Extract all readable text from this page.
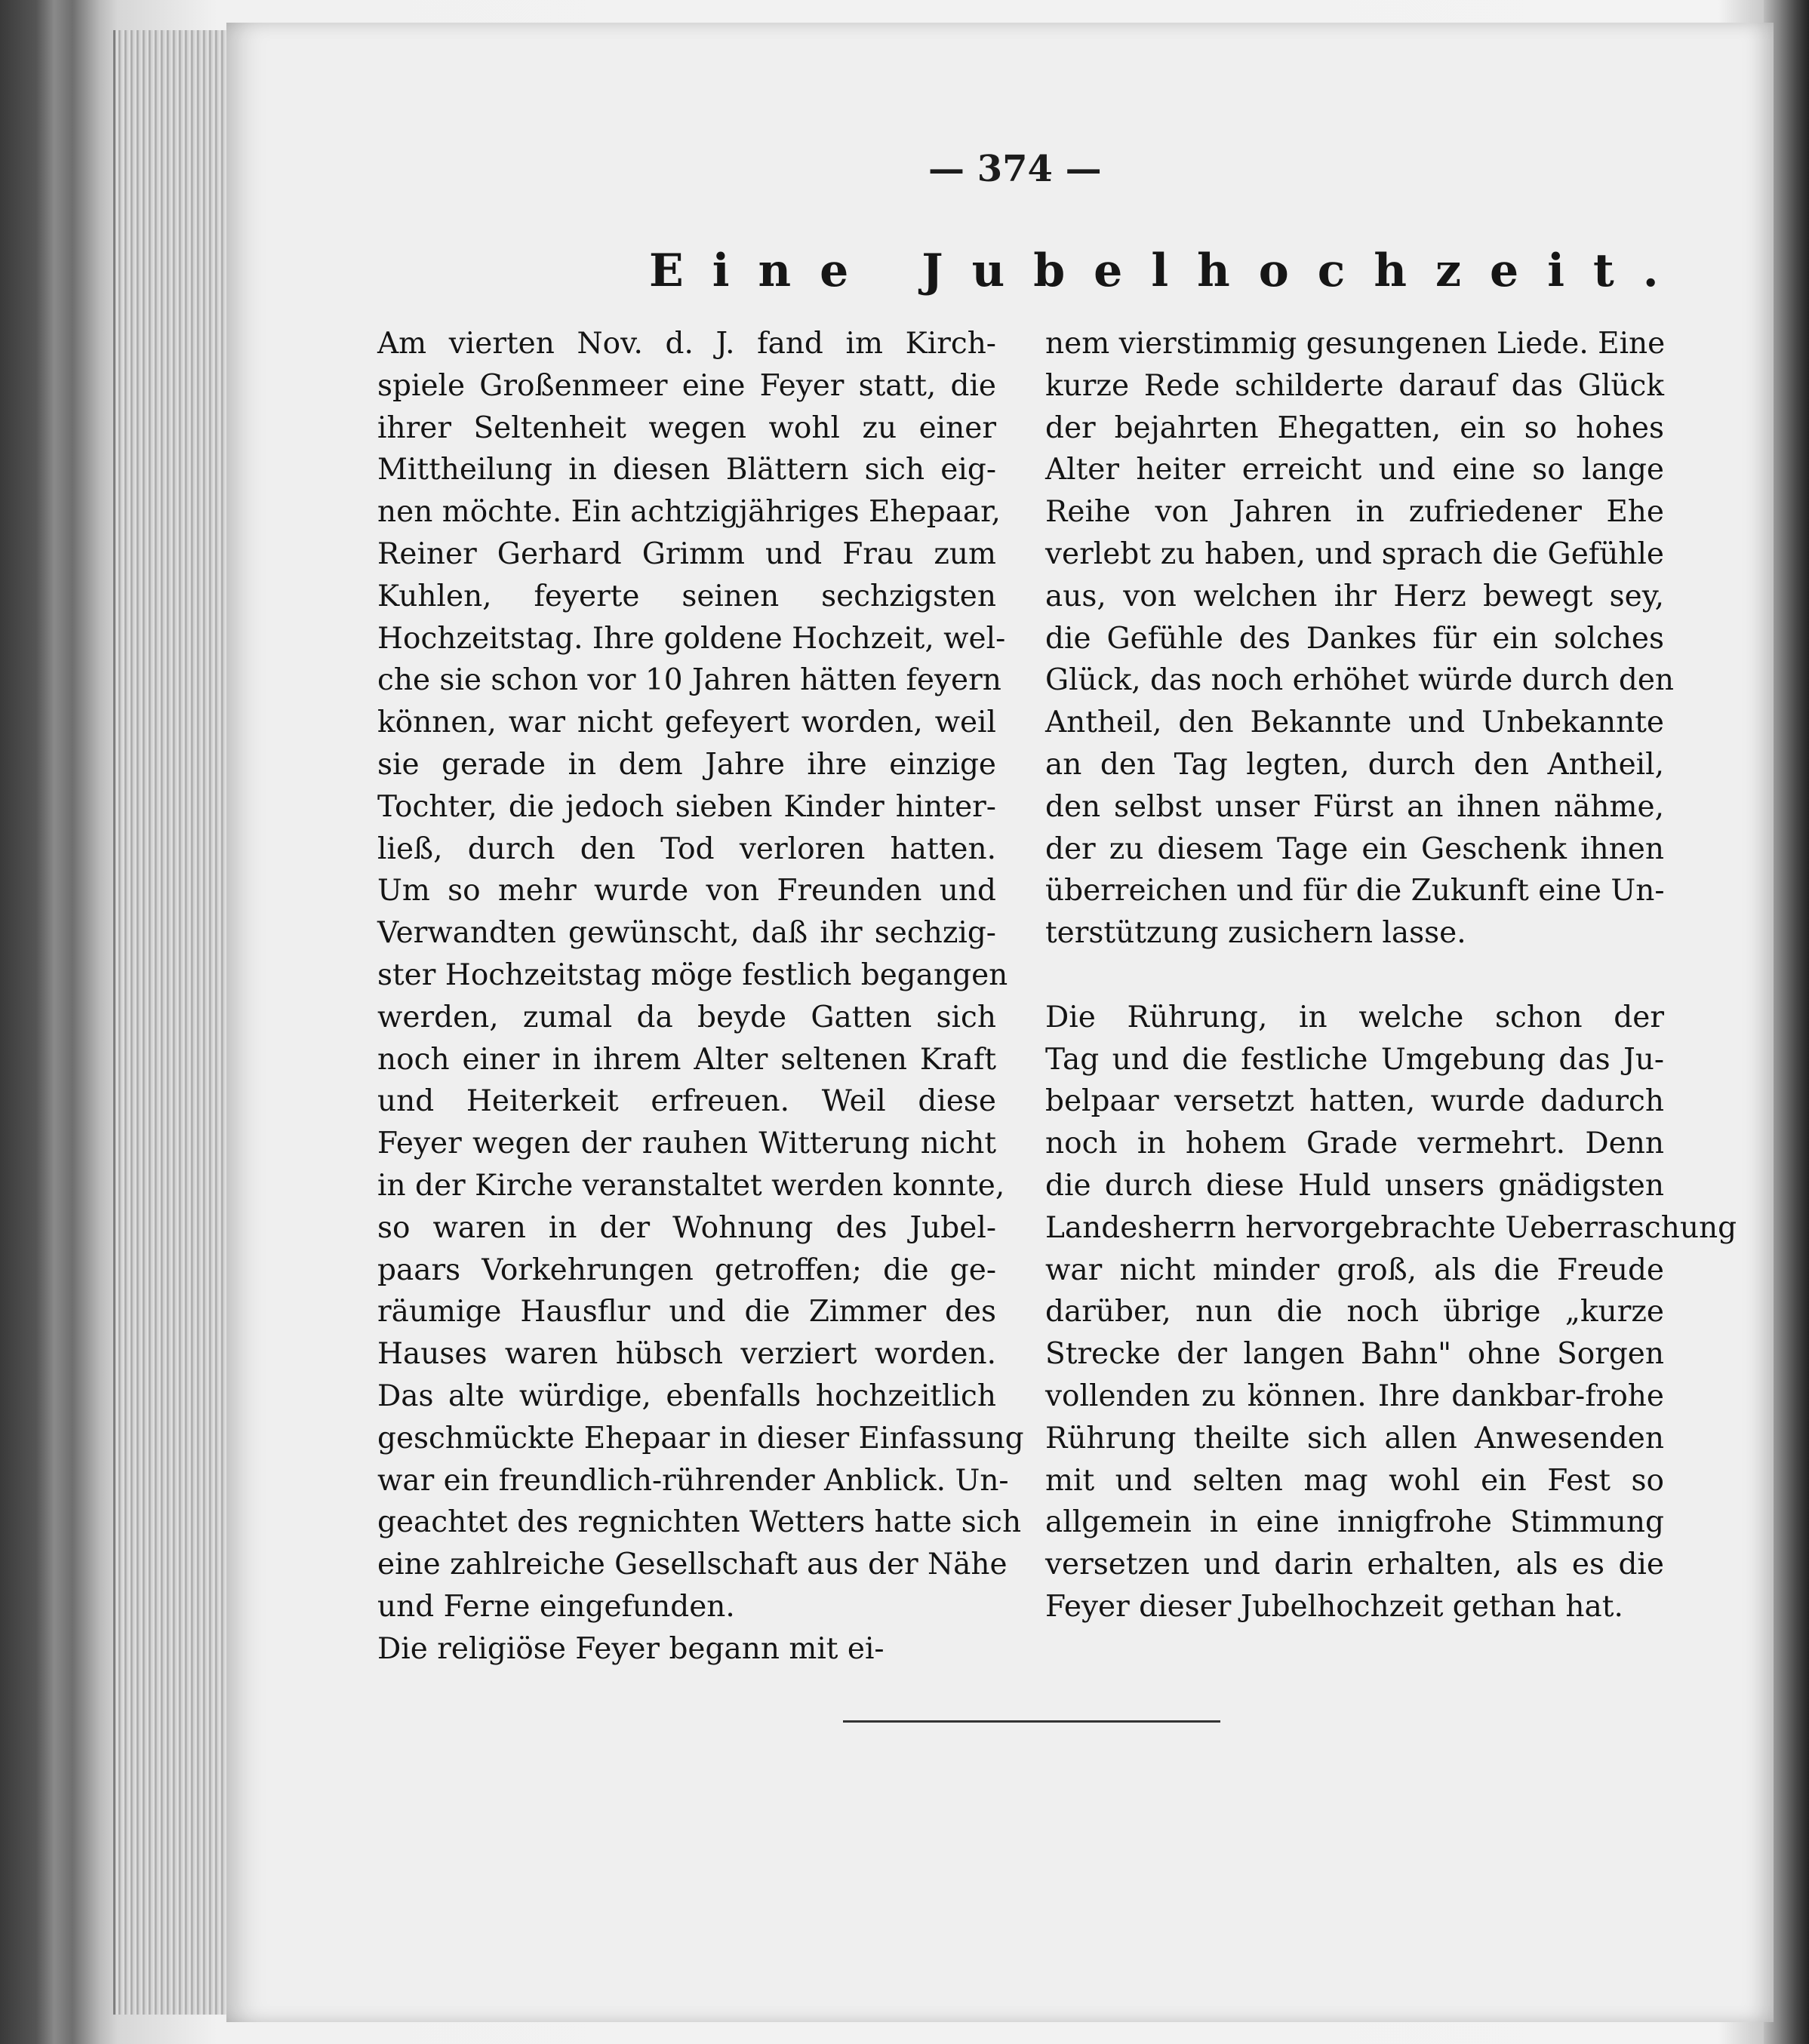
— 374 —
Eine Jubelhochzeit.
Am vierten Nov. d. J. fand im Kirch-
spiele Großenmeer eine Feyer statt, die
ihrer Seltenheit wegen wohl zu einer
Mittheilung in diesen Blättern sich eig-
nen möchte. Ein achtzigjähriges Ehepaar,
Reiner Gerhard Grimm und Frau zum
Kuhlen, feyerte seinen sechzigsten
Hochzeitstag. Ihre goldene Hochzeit, wel-
che sie schon vor 10 Jahren hätten feyern
können, war nicht gefeyert worden, weil
sie gerade in dem Jahre ihre einzige
Tochter, die jedoch sieben Kinder hinter-
ließ, durch den Tod verloren hatten.
Um so mehr wurde von Freunden und
Verwandten gewünscht, daß ihr sechzig-
ster Hochzeitstag möge festlich begangen
werden, zumal da beyde Gatten sich
noch einer in ihrem Alter seltenen Kraft
und Heiterkeit erfreuen. Weil diese
Feyer wegen der rauhen Witterung nicht
in der Kirche veranstaltet werden konnte,
so waren in der Wohnung des Jubel-
paars Vorkehrungen getroffen; die ge-
räumige Hausflur und die Zimmer des
Hauses waren hübsch verziert worden.
Das alte würdige, ebenfalls hochzeitlich
geschmückte Ehepaar in dieser Einfassung
war ein freundlich-rührender Anblick. Un-
geachtet des regnichten Wetters hatte sich
eine zahlreiche Gesellschaft aus der Nähe
und Ferne eingefunden.
Die religiöse Feyer begann mit ei-
nem vierstimmig gesungenen Liede. Eine
kurze Rede schilderte darauf das Glück
der bejahrten Ehegatten, ein so hohes
Alter heiter erreicht und eine so lange
Reihe von Jahren in zufriedener Ehe
verlebt zu haben, und sprach die Gefühle
aus, von welchen ihr Herz bewegt sey,
die Gefühle des Dankes für ein solches
Glück, das noch erhöhet würde durch den
Antheil, den Bekannte und Unbekannte
an den Tag legten, durch den Antheil,
den selbst unser Fürst an ihnen nähme,
der zu diesem Tage ein Geschenk ihnen
überreichen und für die Zukunft eine Un-
terstützung zusichern lasse.
Die Rührung, in welche schon der
Tag und die festliche Umgebung das Ju-
belpaar versetzt hatten, wurde dadurch
noch in hohem Grade vermehrt. Denn
die durch diese Huld unsers gnädigsten
Landesherrn hervorgebrachte Ueberraschung
war nicht minder groß, als die Freude
darüber, nun die noch übrige „kurze
Strecke der langen Bahn" ohne Sorgen
vollenden zu können. Ihre dankbar-frohe
Rührung theilte sich allen Anwesenden
mit und selten mag wohl ein Fest so
allgemein in eine innigfrohe Stimmung
versetzen und darin erhalten, als es die
Feyer dieser Jubelhochzeit gethan hat.
